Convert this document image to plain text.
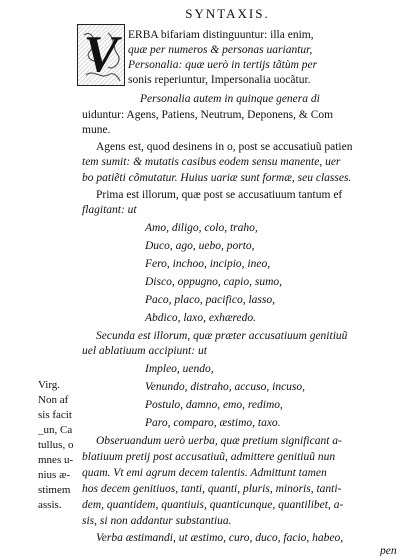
SYNTAXIS.
V ERBA bifariam distinguuntur: illa enim,
quæ per numeros & personas uariantur,
Personalia: quæ uerò in tertijs tãtùm per
sonis reperiuntur, Impersonalia uocãtur.
Personalia autem in quinque genera di
uiduntur: Agens, Patiens, Neutrum, Deponens, & Com
mune.
Agens est, quod desinens in o, post se accusatiuũ patien
tem sumit: & mutatis casibus eodem sensu manente, uer
bo patiẽti cõmutatur. Huius uariæ sunt formæ, seu classes.
Prima est illorum, quæ post se accusatiuum tantum ef
flagitant: ut
Amo, diligo, colo, traho,
Duco, ago, uebo, porto,
Fero, inchoo, incipio, ineo,
Disco, oppugno, capio, sumo,
Paco, placo, pacifico, lasso,
Abdico, laxo, exhæredo.
Secunda est illorum, quæ præter accusatiuum genitiuũ
uel ablatiuum accipiunt: ut
Impleo, uendo,
Venundo, distraho, accuso, incuso,
Postulo, damno, emo, redimo,
Paro, comparo, æstimo, taxo.
Obseruandum uerò uerba, quæ pretium significant a-
blatiuum pretij post accusatiuũ, admittere genitiuũ nun
quam. Vt emi agrum decem talentis. Admittunt tamen
hos decem genitiuos, tanti, quanti, pluris, minoris, tanti-
dem, quantidem, quantiuis, quanticunque, quantilibet, a-
sis, si non addantur substantiua.
Verba æstimandi, ut æstimo, curo, duco, facio, habeo,
pen
Virg.
Non af
sis facit
_un, Ca
tullus, o
mnes u-
nius æ-
stimem
assis.
